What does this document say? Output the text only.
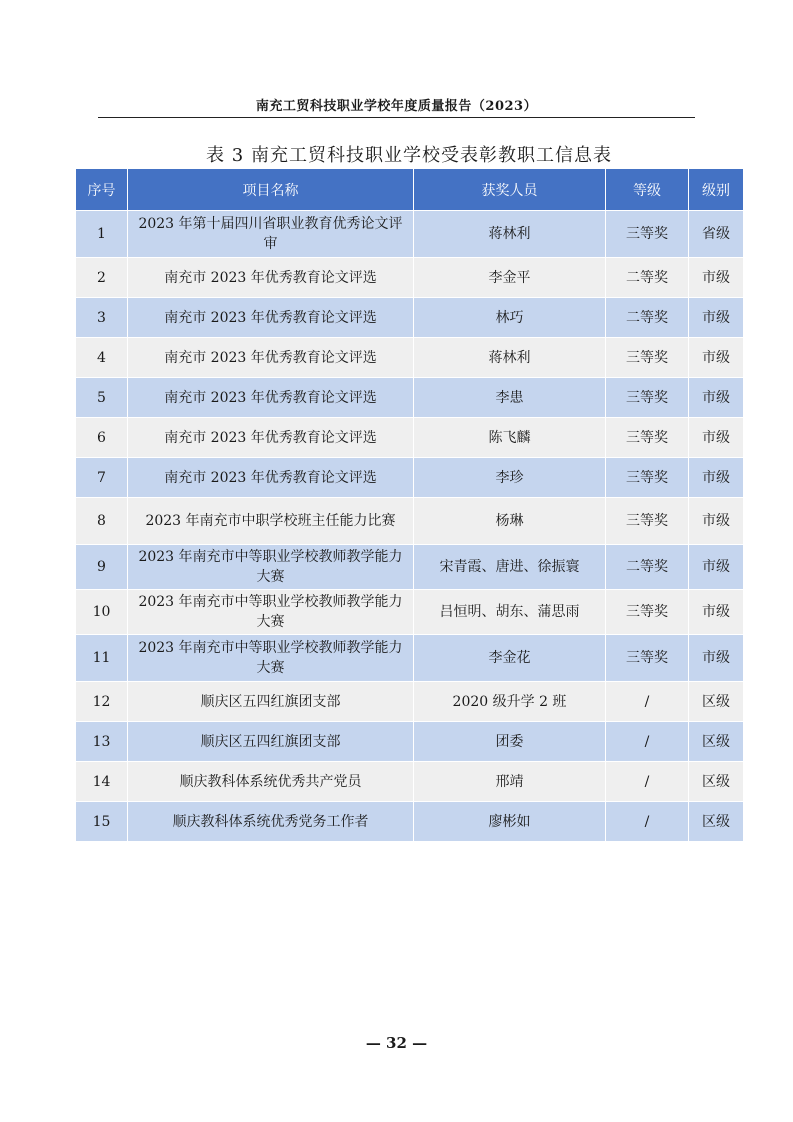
南充工贸科技职业学校年度质量报告（2023）
表 3 南充工贸科技职业学校受表彰教职工信息表
序号	项目名称	获奖人员	等级	级别
1	2023 年第十届四川省职业教育优秀论文评审	蒋林利	三等奖	省级
2	南充市 2023 年优秀教育论文评选	李金平	二等奖	市级
3	南充市 2023 年优秀教育论文评选	林巧	二等奖	市级
4	南充市 2023 年优秀教育论文评选	蒋林利	三等奖	市级
5	南充市 2023 年优秀教育论文评选	李患	三等奖	市级
6	南充市 2023 年优秀教育论文评选	陈飞麟	三等奖	市级
7	南充市 2023 年优秀教育论文评选	李珍	三等奖	市级
8	2023 年南充市中职学校班主任能力比赛	杨琳	三等奖	市级
9	2023 年南充市中等职业学校教师教学能力大赛	宋青霞、唐进、徐振寰	二等奖	市级
10	2023 年南充市中等职业学校教师教学能力大赛	吕恒明、胡东、蒲思雨	三等奖	市级
11	2023 年南充市中等职业学校教师教学能力大赛	李金花	三等奖	市级
12	顺庆区五四红旗团支部	2020 级升学 2 班	/	区级
13	顺庆区五四红旗团支部	团委	/	区级
14	顺庆教科体系统优秀共产党员	邢靖	/	区级
15	顺庆教科体系统优秀党务工作者	廖彬如	/	区级
— 32 —
